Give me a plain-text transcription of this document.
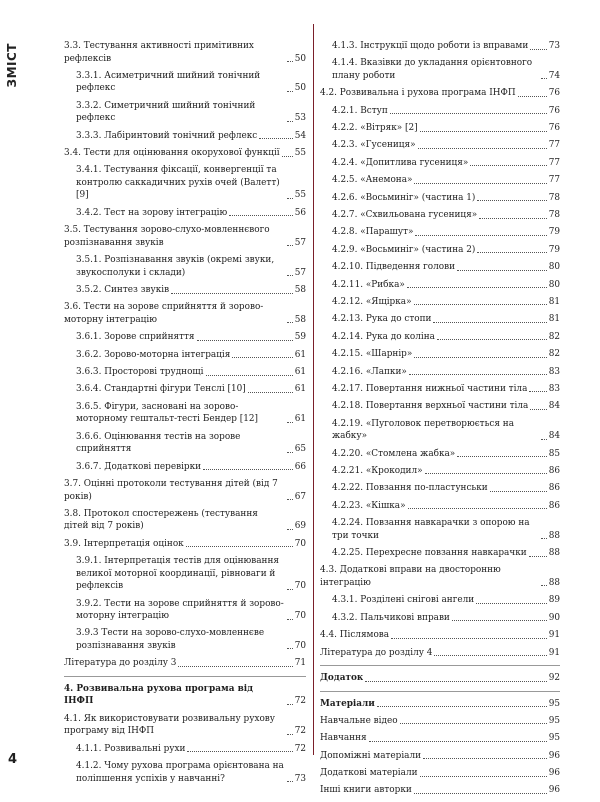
ЗМІСТ
4
3.3. Тестування активності примітивних рефлексів	50
3.3.1. Асиметричний шийний тонічний рефлекс	50
3.3.2. Симетричний шийний тонічний рефлекс	53
3.3.3. Лабіринтовий тонічний рефлекс	54
3.4. Тести для оцінювання окорухової функції 55
3.4.1. Тестування фіксації, конвергенції та контролю саккадичних рухів очей (Валетт) [9]	55
3.4.2. Тест на зорову інтеграцію	56
3.5. Тестування зорово-слухо-мовленнєвого розпізнавання звуків	57
3.5.1. Розпізнавання звуків (окремі звуки, звукосполуки і склади)	57
3.5.2. Синтез звуків	58
3.6. Тести на зорове сприйняття й зорово-моторну інтеграцію	58
3.6.1. Зорове сприйняття	59
3.6.2. Зорово-моторна інтеграція	61
3.6.3. Просторові труднощі	61
3.6.4. Стандартні фігури Тенслі [10]	61
3.6.5. Фігури, засновані на зорово-моторному гештальт-тесті Бендер [12]	61
3.6.6. Оцінювання тестів на зорове сприйняття	65
3.6.7. Додаткові перевірки	66
3.7. Оцінні протоколи тестування дітей (від 7 років)	67
3.8. Протокол спостережень (тестування дітей від 7 років)	69
3.9. Інтерпретація оцінок	70
3.9.1. Інтерпретація тестів для оцінювання великої моторної координації, рівноваги й рефлексів	70
3.9.2. Тести на зорове сприйняття й зорово-моторну інтеграцію	70
3.9.3 Тести на зорово-слухо-мовленнєве розпізнавання звуків	70
Література до розділу 3	71
4. Розвивальна рухова програма від ІНФП	72
4.1. Як використовувати розвивальну рухову програму від ІНФП	72
4.1.1. Розвивальні рухи	72
4.1.2. Чому рухова програма орієнтована на поліпшення успіхів у навчанні?	73
4.1.3. Інструкції щодо роботи із вправами 73
4.1.4. Вказівки до укладання орієнтовного плану роботи	74
4.2. Розвивальна і рухова програма ІНФП	76
4.2.1. Вступ	76
4.2.2. «Вітряк» [2]	76
4.2.3. «Гусениця»	77
4.2.4. «Допитлива гусениця»	77
4.2.5. «Анемона»	77
4.2.6. «Восьминіг» (частина 1)	78
4.2.7. «Схвильована гусениця»	78
4.2.8. «Парашут»	79
4.2.9. «Восьминіг» (частина 2)	79
4.2.10. Підведення голови	80
4.2.11. «Рибка»	80
4.2.12. «Ящірка»	81
4.2.13. Рука до стопи	81
4.2.14. Рука до коліна	82
4.2.15. «Шарнір»	82
4.2.16. «Лапки»	83
4.2.17. Повертання нижньої частини тіла 83
4.2.18. Повертання верхньої частини тіла 84
4.2.19. «Пуголовок перетворюється на жабку»	84
4.2.20. «Стомлена жабка»	85
4.2.21. «Крокодил»	86
4.2.22. Повзання по-пластунськи	86
4.2.23. «Кішка»	86
4.2.24. Повзання навкарачки з опорою на три точки	88
4.2.25. Перехресне повзання навкарачки 88
4.3. Додаткові вправи на двосторонню інтеграцію	88
4.3.1. Розділені снігові ангели	89
4.3.2. Пальчикові вправи	90
4.4. Післямова	91
Література до розділу 4	91
Додаток	92
Матеріали	95
Навчальне відео	95
Навчання	95
Допоміжні матеріали	96
Додаткові матеріали	96
Інші книги авторки	96
